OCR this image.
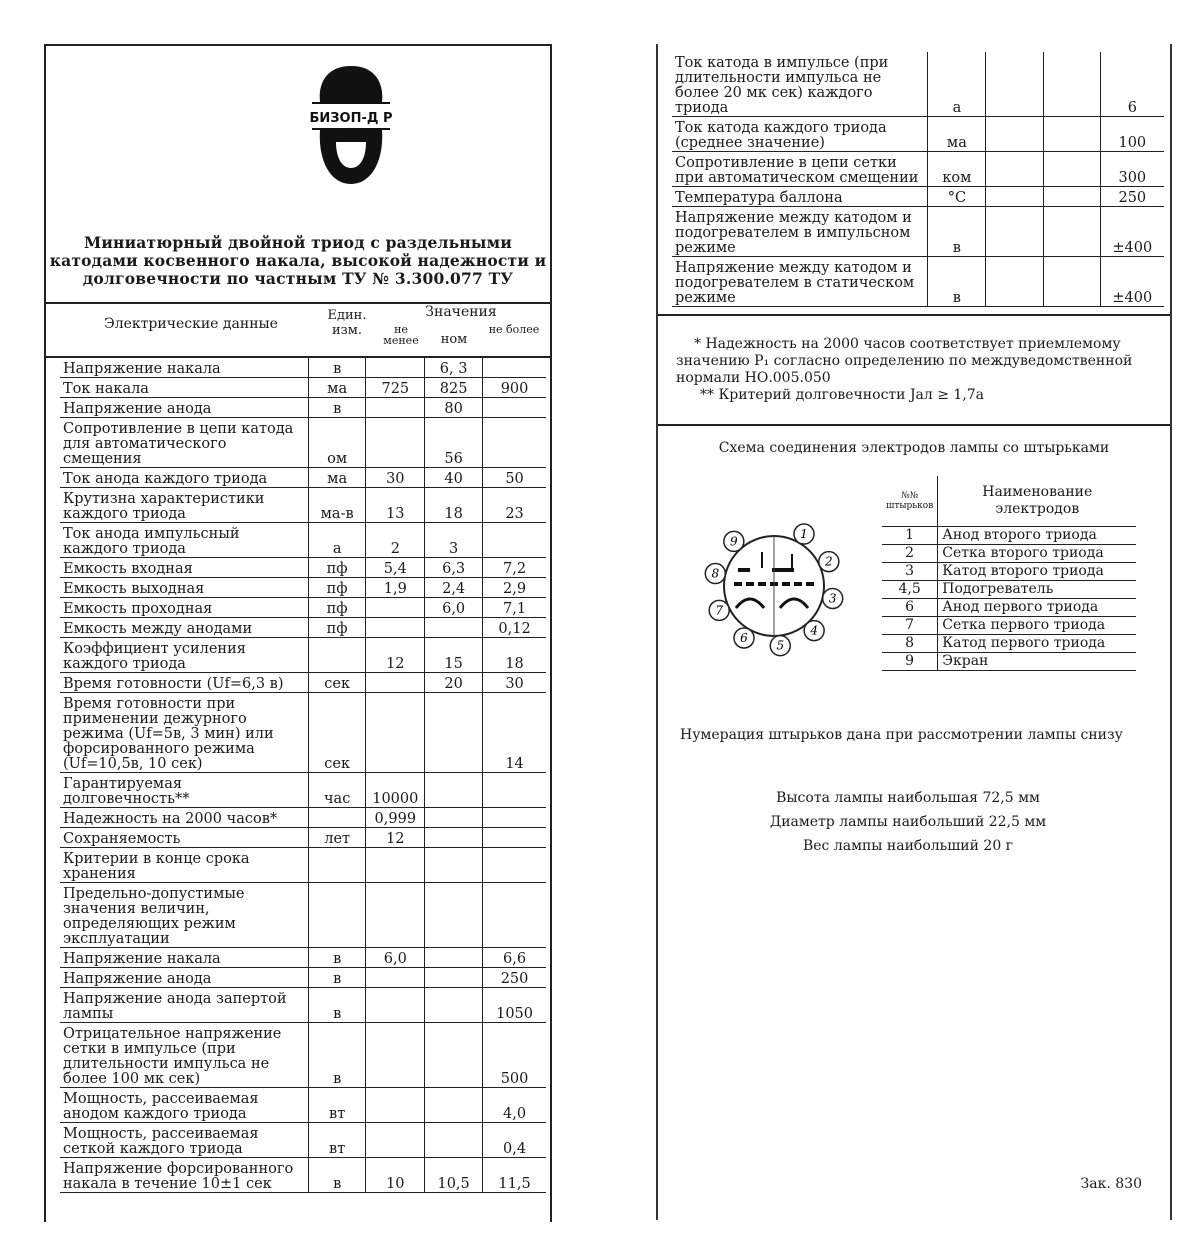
БИЗОП-Д Р
Миниатюрный двойной триод с раздельными катодами косвенного накала, высокой надежности и долговечности по частным ТУ № 3.300.077 ТУ
Электрические данные
Един. изм.
Значения
не менее	ном
не более
Напряжение накала	в		6, 3	
Ток накала	ма	725	825	900
Напряжение анода	в		80	
Сопротивление в цепи катода для автоматического смещения	ом		56	
Ток анода каждого триода	ма	30	40	50
Крутизна характеристики каждого триода	ма-в	13	18	23
Ток анода импульсный каждого триода	а	2	3	
Емкость входная	пф	5,4	6,3	7,2
Емкость выходная	пф	1,9	2,4	2,9
Емкость проходная	пф		6,0	7,1
Емкость между анодами	пф			0,12
Коэффициент усиления каждого триода		12	15	18
Время готовности (Uf=6,3 в)	сек		20	30
Время готовности при применении дежурного режима (Uf=5в, 3 мин) или форсированного режима (Uf=10,5в, 10 сек)	сек			14
Гарантируемая долговечность**	час	10000		
Надежность на 2000 часов*		0,999		
Сохраняемость	лет	12		
Критерии в конце срока хранения				
Предельно-допустимые значения величин, определяющих режим эксплуатации				
Напряжение накала	в	6,0		6,6
Напряжение анода	в			250
Напряжение анода запертой лампы	в			1050
Отрицательное напряжение сетки в импульсе (при длительности импульса не более 100 мк сек)	в			500
Мощность, рассеиваемая анодом каждого триода	вт			4,0
Мощность, рассеиваемая сеткой каждого триода	вт			0,4
Напряжение форсированного накала в течение 10±1 сек	в	10	10,5	11,5
Ток катода в импульсе (при длительности импульса не более 20 мк сек) каждого триода	а			6
Ток катода каждого триода (среднее значение)	ма			100
Сопротивление в цепи сетки при автоматическом смещении	ком			300
Температура баллона	°С			250
Напряжение между катодом и подогревателем в импульсном режиме	в			±400
Напряжение между катодом и подогревателем в статическом режиме	в			±400
* Надежность на 2000 часов соответствует приемлемому значению P₁ согласно определению по междуведомственной нормали НО.005.050
** Критерий долговечности Jал ≥ 1,7а
Схема соединения электродов лампы со штырьками
1
2
3
4
5
6
7
8
9
№№ штырьков	Наименование электродов
1	Анод второго триода
2	Сетка второго триода
3	Катод второго триода
4,5	Подогреватель
6	Анод первого триода
7	Сетка первого триода
8	Катод первого триода
9	Экран
Нумерация штырьков дана при рассмотрении лампы снизу
Высота лампы наибольшая 72,5 мм
Диаметр лампы наибольший 22,5 мм
Вес лампы наибольший 20 г
Зак. 830
